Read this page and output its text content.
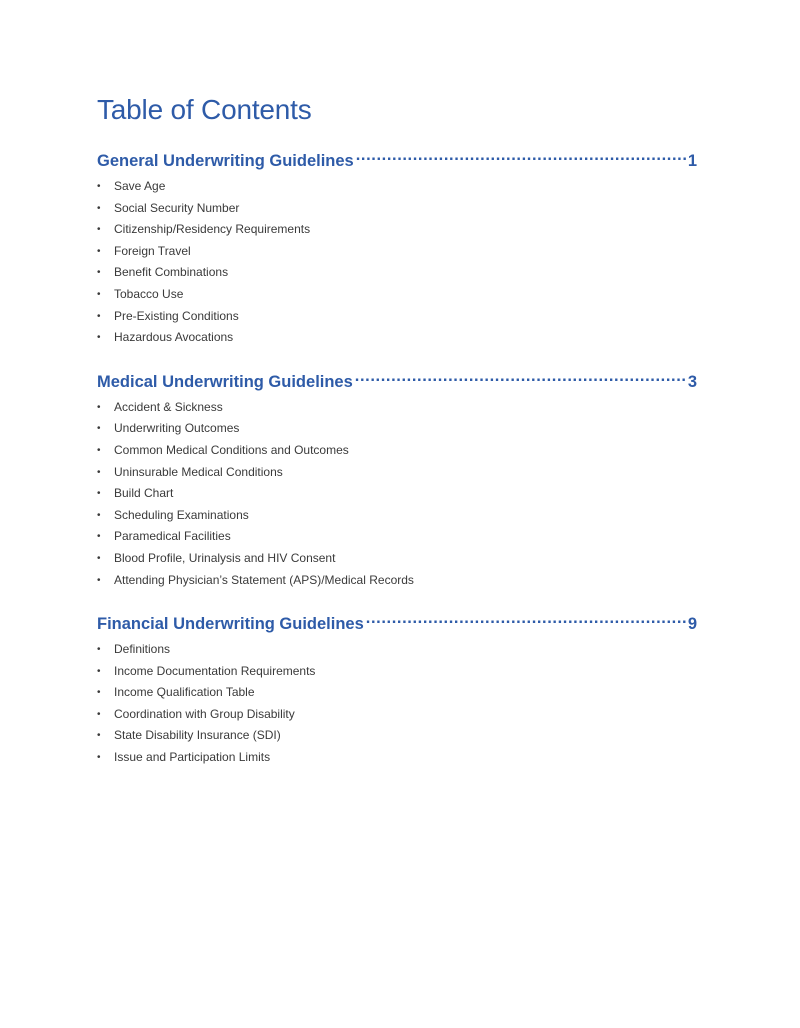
Table of Contents
General Underwriting Guidelines .....	1
• Save Age
• Social Security Number
• Citizenship/Residency Requirements
• Foreign Travel
• Benefit Combinations
• Tobacco Use
• Pre-Existing Conditions
• Hazardous Avocations
Medical Underwriting Guidelines .....	3
• Accident & Sickness
• Underwriting Outcomes
• Common Medical Conditions and Outcomes
• Uninsurable Medical Conditions
• Build Chart
• Scheduling Examinations
• Paramedical Facilities
• Blood Profile, Urinalysis and HIV Consent
• Attending Physician’s Statement (APS)/Medical Records
Financial Underwriting Guidelines .....	9
• Definitions
• Income Documentation Requirements
• Income Qualification Table
• Coordination with Group Disability
• State Disability Insurance (SDI)
• Issue and Participation Limits
